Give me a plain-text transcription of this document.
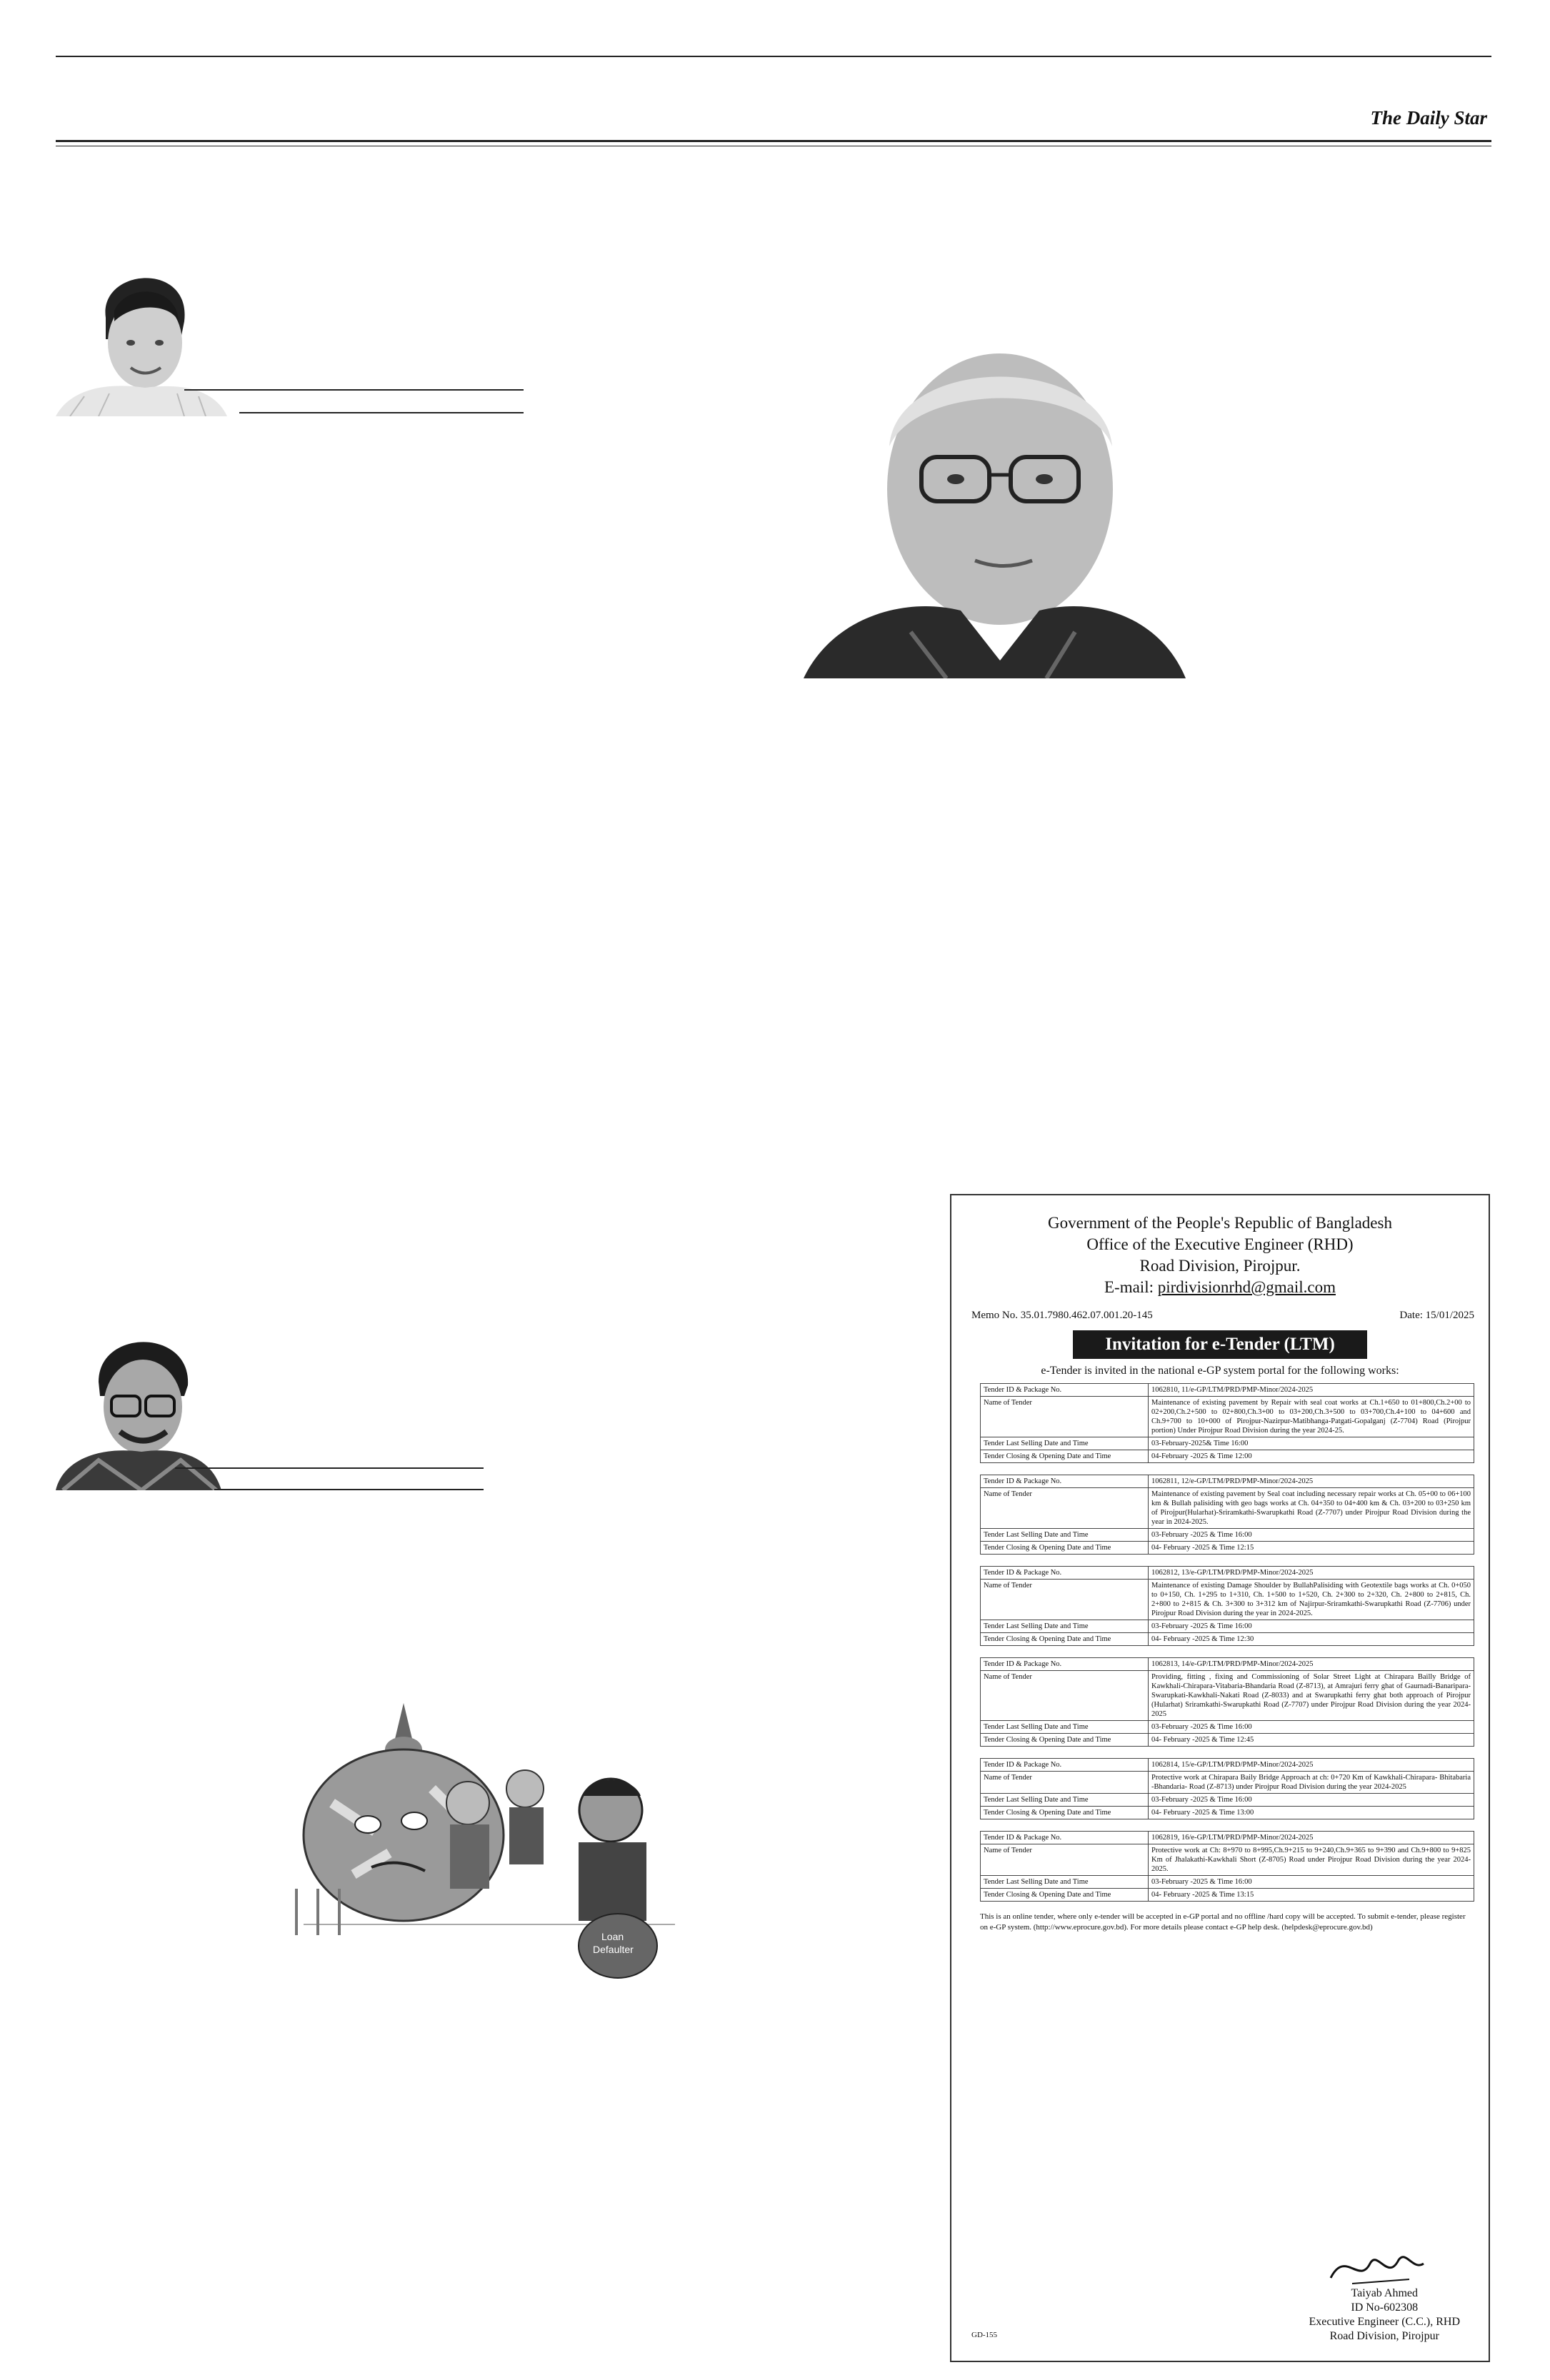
The Daily Star
Loan
Defaulter
Government of the People's Republic of Bangladesh
Office of the Executive Engineer (RHD)
Road Division, Pirojpur.
E-mail: pirdivisionrhd@gmail.com
Memo No. 35.01.7980.462.07.001.20-145	Date: 15/01/2025
Invitation for e-Tender (LTM)
e-Tender is invited in the national e-GP system portal for the following works:
Tender ID & Package No.	1062810, 11/e-GP/LTM/PRD/PMP-Minor/2024-2025
Name of Tender	Maintenance of existing pavement by Repair with seal coat works at Ch.1+650 to 01+800,Ch.2+00 to 02+200,Ch.2+500 to 02+800,Ch.3+00 to 03+200,Ch.3+500 to 03+700,Ch.4+100 to 04+600 and Ch.9+700 to 10+000 of Pirojpur-Nazirpur-Matibhanga-Patgati-Gopalganj (Z-7704) Road (Pirojpur portion) Under Pirojpur Road Division during the year 2024-25.
Tender Last Selling Date and Time	03-February-2025& Time 16:00
Tender Closing & Opening Date and Time	04-February -2025 & Time 12:00
Tender ID & Package No.	1062811, 12/e-GP/LTM/PRD/PMP-Minor/2024-2025
Name of Tender	Maintenance of existing pavement by Seal coat including necessary repair works at Ch. 05+00 to 06+100 km & Bullah palisiding with geo bags works at Ch. 04+350 to 04+400 km & Ch. 03+200 to 03+250 km of Pirojpur(Hularhat)-Sriramkathi-Swarupkathi Road (Z-7707) under Pirojpur Road Division during the year in 2024-2025.
Tender Last Selling Date and Time	03-February -2025 & Time 16:00
Tender Closing & Opening Date and Time	04- February -2025 & Time 12:15
Tender ID & Package No.	1062812, 13/e-GP/LTM/PRD/PMP-Minor/2024-2025
Name of Tender	Maintenance of existing Damage Shoulder by BullahPalisiding with Geotextile bags works at Ch. 0+050 to 0+150, Ch. 1+295 to 1+310, Ch. 1+500 to 1+520, Ch. 2+300 to 2+320, Ch. 2+800 to 2+815, Ch. 2+800 to 2+815 & Ch. 3+300 to 3+312 km of Najirpur-Sriramkathi-Swarupkathi Road (Z-7706) under Pirojpur Road Division during the year in 2024-2025.
Tender Last Selling Date and Time	03-February -2025 & Time 16:00
Tender Closing & Opening Date and Time	04- February -2025 & Time 12:30
Tender ID & Package No.	1062813, 14/e-GP/LTM/PRD/PMP-Minor/2024-2025
Name of Tender	Providing, fitting , fixing and Commissioning of Solar Street Light at Chirapara Bailly Bridge of Kawkhali-Chirapara-Vitabaria-Bhandaria Road (Z-8713), at Amrajuri ferry ghat of Gaurnadi-Banaripara-Swarupkati-Kawkhali-Nakati Road (Z-8033) and at Swarupkathi ferry ghat both approach of Pirojpur (Hularhat) Sriramkathi-Swarupkathi Road (Z-7707) under Pirojpur Road Division during the year 2024-2025
Tender Last Selling Date and Time	03-February -2025 & Time 16:00
Tender Closing & Opening Date and Time	04- February -2025 & Time 12:45
Tender ID & Package No.	1062814, 15/e-GP/LTM/PRD/PMP-Minor/2024-2025
Name of Tender	Protective work at Chirapara Baily Bridge Approach at ch: 0+720 Km of Kawkhali-Chirapara- Bhitabaria -Bhandaria- Road (Z-8713) under Pirojpur Road Division during the year 2024-2025
Tender Last Selling Date and Time	03-February -2025 & Time 16:00
Tender Closing & Opening Date and Time	04- February -2025 & Time 13:00
Tender ID & Package No.	1062819, 16/e-GP/LTM/PRD/PMP-Minor/2024-2025
Name of Tender	Protective work at Ch: 8+970 to 8+995,Ch.9+215 to 9+240,Ch.9+365 to 9+390 and Ch.9+800 to 9+825 Km of Jhalakathi-Kawkhali Short (Z-8705) Road under Pirojpur Road Division during the year 2024-2025.
Tender Last Selling Date and Time	03-February -2025 & Time 16:00
Tender Closing & Opening Date and Time	04- February -2025 & Time 13:15
This is an online tender, where only e-tender will be accepted in e-GP portal and no offline /hard copy will be accepted. To submit e-tender, please register on e-GP system. (http://www.eprocure.gov.bd). For more details please contact e-GP help desk. (helpdesk@eprocure.gov.bd)
Taiyab Ahmed
ID No-602308
Executive Engineer (C.C.), RHD
Road Division, Pirojpur
GD-155
